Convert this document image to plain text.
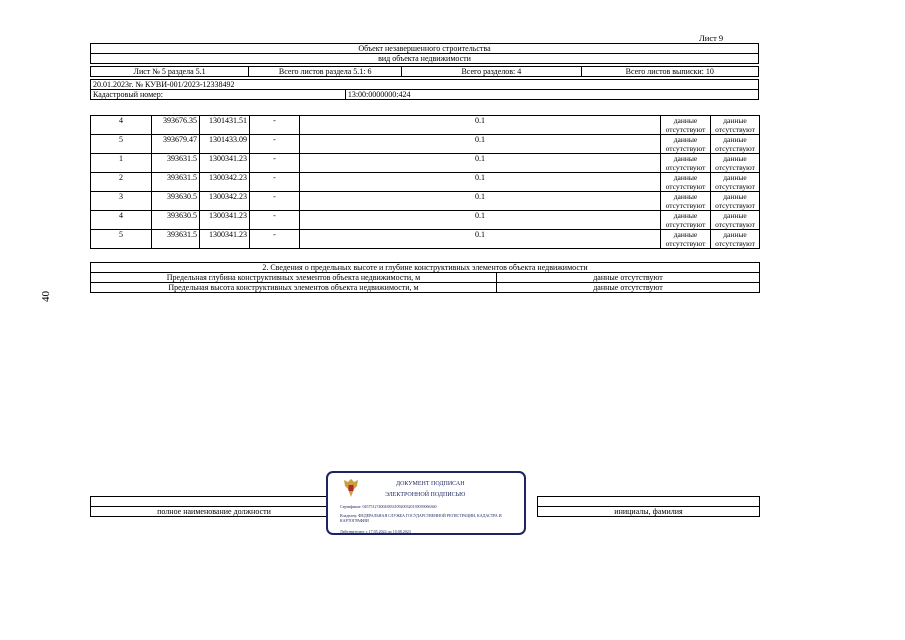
40
Лист 9
Объект незавершенного строительства				
вид объекта недвижимости				

Лист № 5 раздела 5.1	Всего листов раздела 5.1: 6		Всего разделов: 4	Всего листов выписки: 10

20.01.2023г. № КУВИ-001/2023-12338492				
Кадастровый номер:		13:00:0000000:424		
4	393676.35	1301431.51	-	0.1	данные отсутствуют	данные отсутствуют
5	393679.47	1301433.09	-	0.1	данные отсутствуют	данные отсутствуют
1	393631.5	1300341.23	-	0.1	данные отсутствуют	данные отсутствуют
2	393631.5	1300342.23	-	0.1	данные отсутствуют	данные отсутствуют
3	393630.5	1300342.23	-	0.1	данные отсутствуют	данные отсутствуют
4	393630.5	1300341.23	-	0.1	данные отсутствуют	данные отсутствуют
5	393631.5	1300341.23	-	0.1	данные отсутствуют	данные отсутствуют
2. Сведения о предельных высоте и глубине конструктивных элементов объекта недвижимости	
Предельная глубина конструктивных элементов объекта недвижимости, м	данные отсутствуют
Предельная высота конструктивных элементов объекта недвижимости, м	данные отсутствуют

полное наименование должности		инициалы, фамилия
ДОКУМЕНТ ПОДПИСАН
ЭЛЕКТРОННОЙ ПОДПИСЬЮ
Сертификат: 0457512740043833109200320139039066360
Владелец: ФЕДЕРАЛЬНАЯ СЛУЖБА ГОСУДАРСТВЕННОЙ РЕГИСТРАЦИИ, КАДАСТРА И КАРТОГРАФИИ
Действителен: с 17.05.2022 по 10.08.2023
